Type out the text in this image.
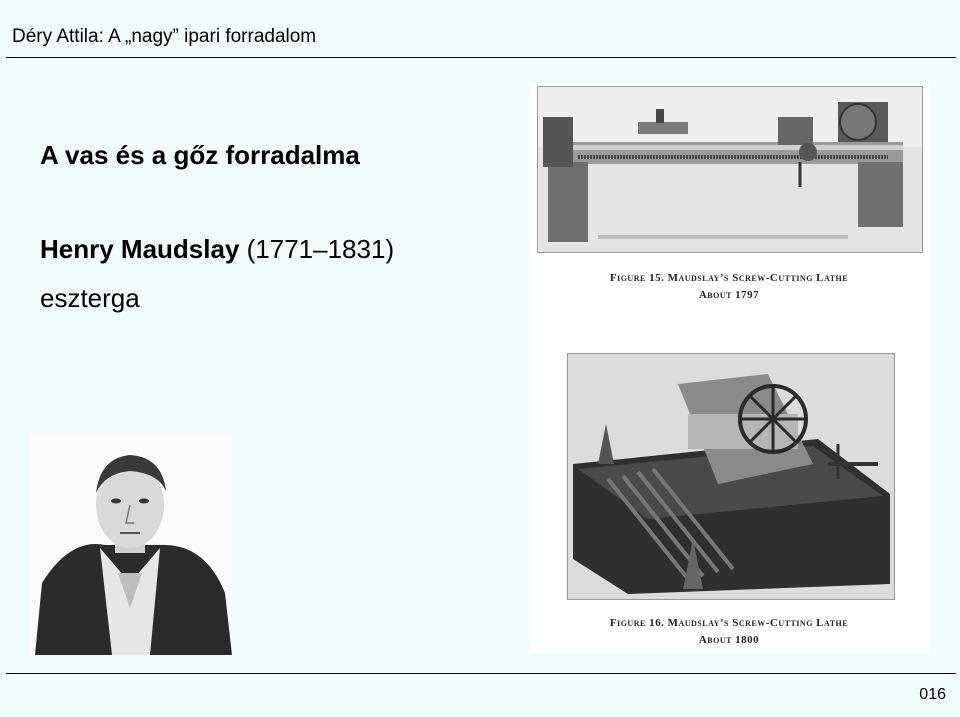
Déry Attila: A „nagy” ipari forradalom
A vas és a gőz forradalma
Henry Maudslay (1771–1831)
eszterga
Figure 15. Maudslay’s Screw-Cutting Lathe
About 1797
Figure 16. Maudslay’s Screw-Cutting Lathe
About 1800
016
